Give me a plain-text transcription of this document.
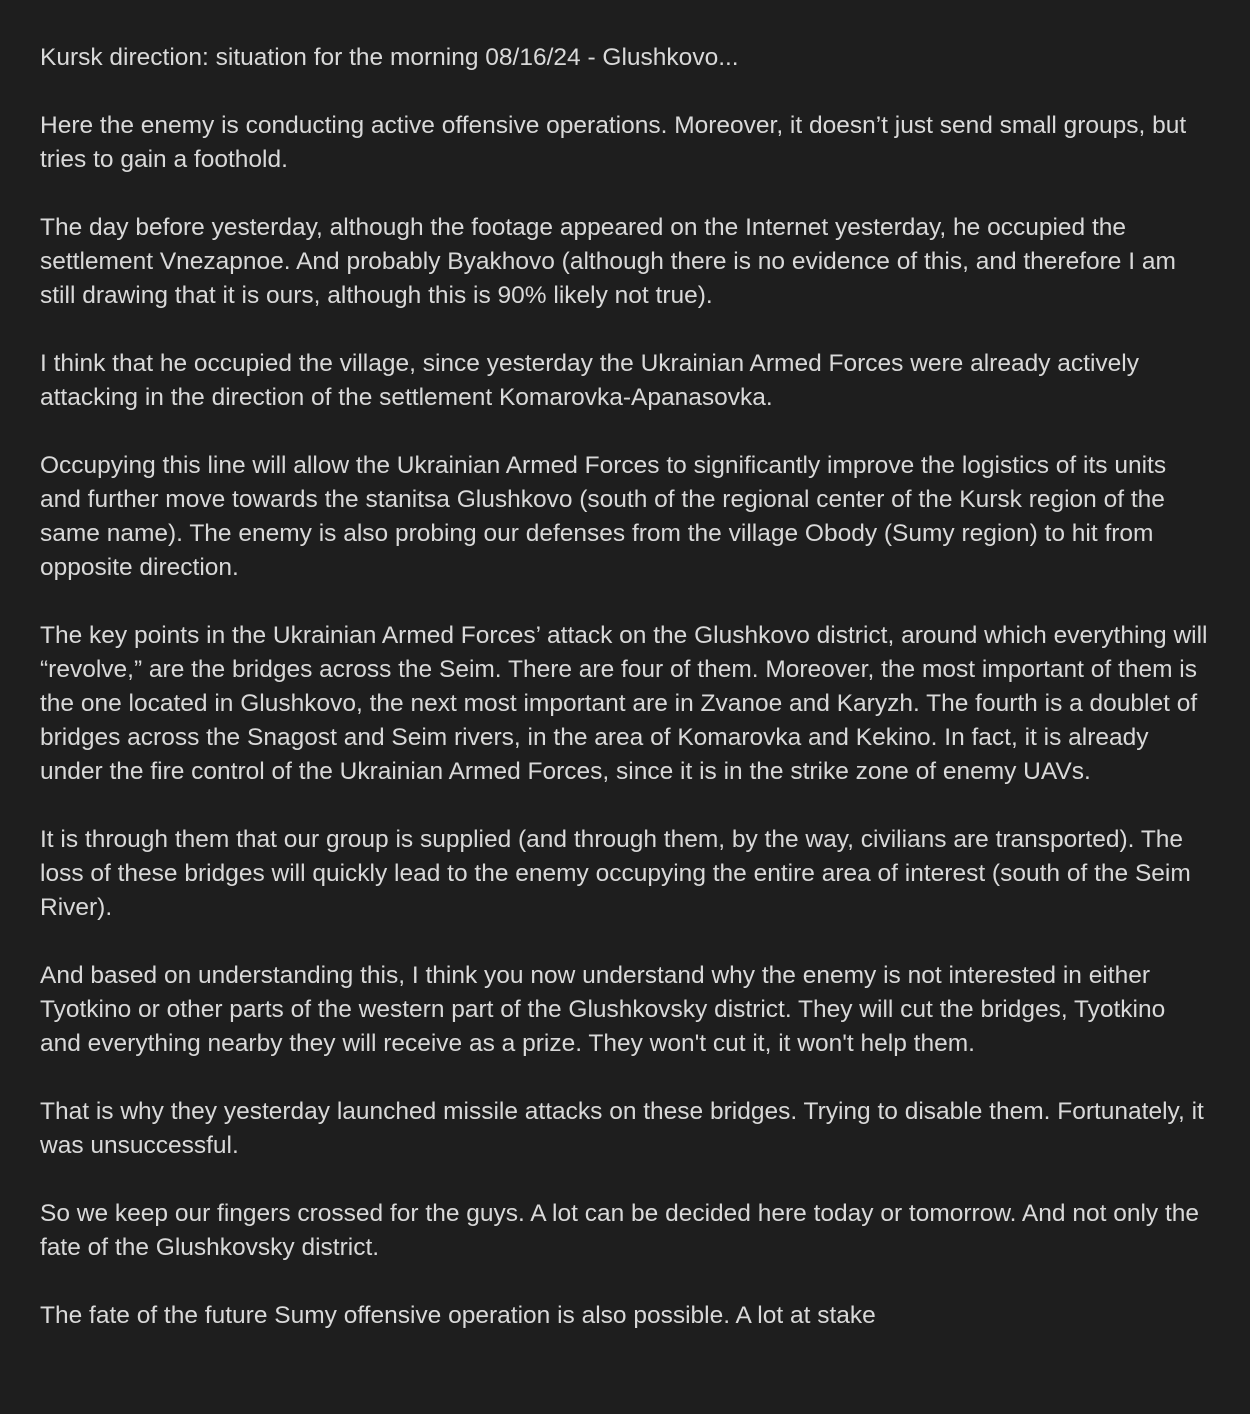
Kursk direction: situation for the morning 08/16/24 - Glushkovo...

Here the enemy is conducting active offensive operations. Moreover, it doesn’t just send small groups, but tries to gain a foothold.

The day before yesterday, although the footage appeared on the Internet yesterday, he occupied the settlement Vnezapnoe. And probably Byakhovo (although there is no evidence of this, and therefore I am still drawing that it is ours, although this is 90% likely not true).

I think that he occupied the village, since yesterday the Ukrainian Armed Forces were already actively attacking in the direction of the settlement Komarovka-Apanasovka.

Occupying this line will allow the Ukrainian Armed Forces to significantly improve the logistics of its units and further move towards the stanitsa Glushkovo (south of the regional center of the Kursk region of the same name). The enemy is also probing our defenses from the village Obody (Sumy region) to hit from opposite direction.

The key points in the Ukrainian Armed Forces’ attack on the Glushkovo district, around which everything will “revolve,” are the bridges across the Seim. There are four of them. Moreover, the most important of them is the one located in Glushkovo, the next most important are in Zvanoe and Karyzh. The fourth is a doublet of bridges across the Snagost and Seim rivers, in the area of Komarovka and Kekino. In fact, it is already under the fire control of the Ukrainian Armed Forces, since it is in the strike zone of enemy UAVs.

It is through them that our group is supplied (and through them, by the way, civilians are transported). The loss of these bridges will quickly lead to the enemy occupying the entire area of interest (south of the Seim River).

And based on understanding this, I think you now understand why the enemy is not interested in either Tyotkino or other parts of the western part of the Glushkovsky district. They will cut the bridges, Tyotkino and everything nearby they will receive as a prize. They won't cut it, it won't help them.

That is why they yesterday launched missile attacks on these bridges. Trying to disable them. Fortunately, it was unsuccessful.

So we keep our fingers crossed for the guys. A lot can be decided here today or tomorrow. And not only the fate of the Glushkovsky district.

The fate of the future Sumy offensive operation is also possible. A lot at stake
